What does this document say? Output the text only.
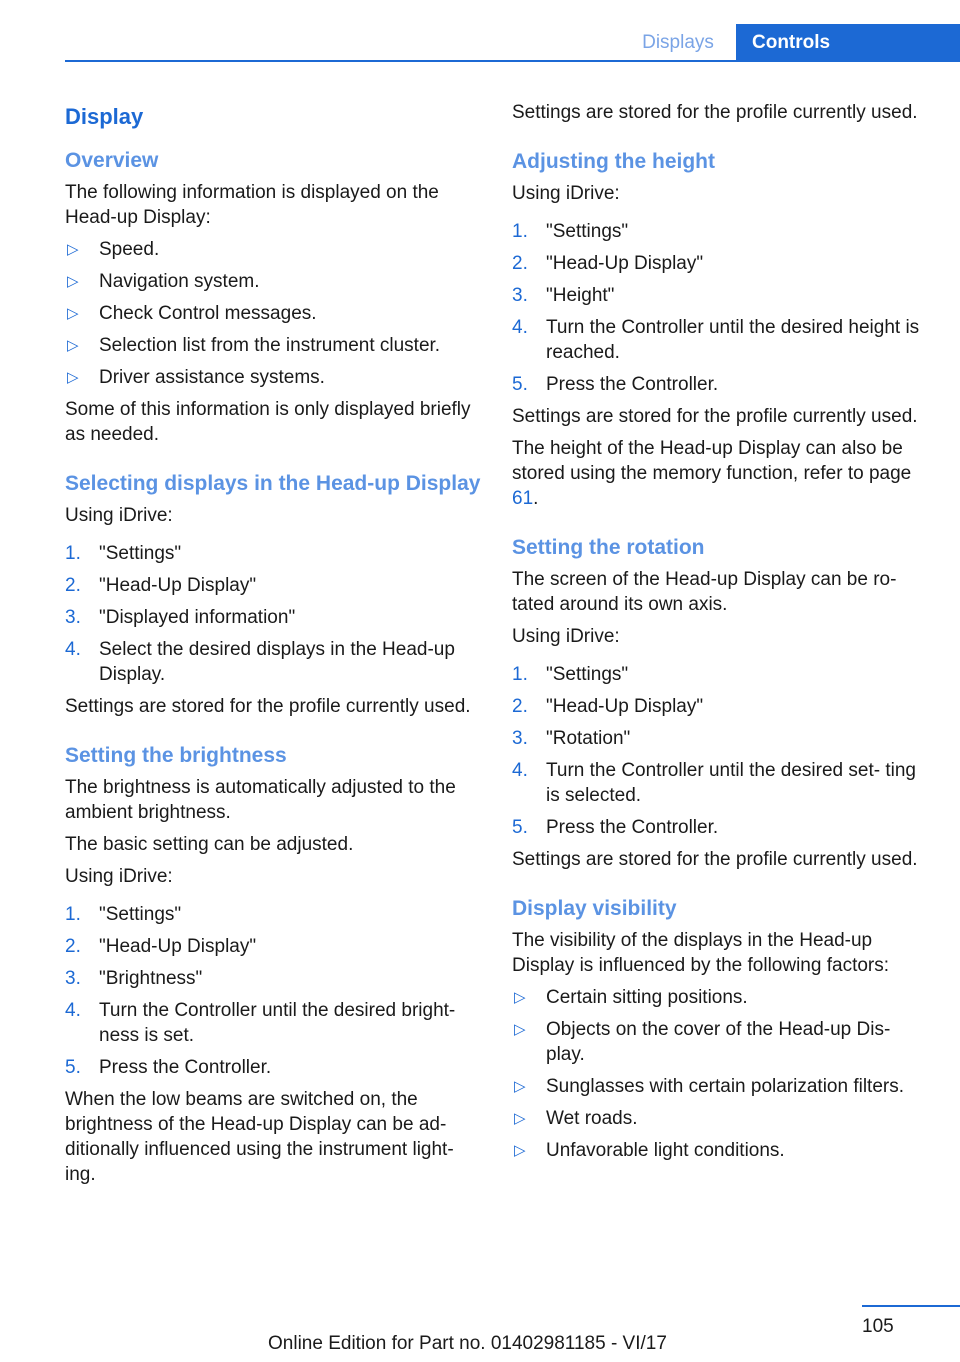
Displays	Controls
Display
Overview

The following information is displayed on the Head-up Display:

▷ Speed.
▷ Navigation system.
▷ Check Control messages.
▷ Selection list from the instrument cluster.
▷ Driver assistance systems.

Some of this information is only displayed briefly as needed.

Selecting displays in the Head-up Display

Using iDrive:

1. "Settings"
2. "Head-Up Display"
3. "Displayed information"
4. Select the desired displays in the Head-up Display.

Settings are stored for the profile currently used.

Setting the brightness

The brightness is automatically adjusted to the ambient brightness.

The basic setting can be adjusted.

Using iDrive:

1. "Settings"
2. "Head-Up Display"
3. "Brightness"
4. Turn the Controller until the desired bright‐ ness is set.
5. Press the Controller.

When the low beams are switched on, the brightness of the Head-up Display can be ad‐ ditionally influenced using the instrument light‐ ing.

Settings are stored for the profile currently used.

Adjusting the height

Using iDrive:

1. "Settings"
2. "Head-Up Display"
3. "Height"
4. Turn the Controller until the desired height is reached.
5. Press the Controller.

Settings are stored for the profile currently used.

The height of the Head-up Display can also be stored using the memory function, refer to page 61.

Setting the rotation

The screen of the Head-up Display can be ro‐ tated around its own axis.

Using iDrive:

1. "Settings"
2. "Head-Up Display"
3. "Rotation"
4. Turn the Controller until the desired set‐ ting is selected.
5. Press the Controller.

Settings are stored for the profile currently used.

Display visibility

The visibility of the displays in the Head-up Display is influenced by the following factors:

▷ Certain sitting positions.
▷ Objects on the cover of the Head-up Dis‐ play.
▷ Sunglasses with certain polarization filters.
▷ Wet roads.
▷ Unfavorable light conditions.
105
Online Edition for Part no. 01402981185 - VI/17
